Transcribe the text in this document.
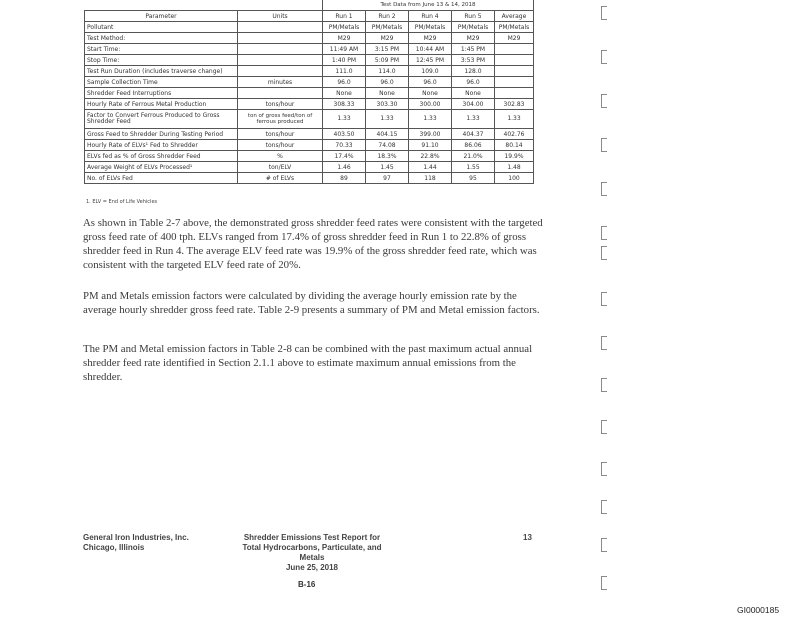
		Test Data from June 13 & 14, 2018				
Parameter	Units	Run 1	Run 2	Run 4	Run 5	Average
Pollutant		PM/Metals	PM/Metals	PM/Metals	PM/Metals	PM/Metals
Test Method:		M29	M29	M29	M29	M29
Start Time:		11:49 AM	3:15 PM	10:44 AM	1:45 PM	
Stop Time:		1:40 PM	5:09 PM	12:45 PM	3:53 PM	
Test Run Duration (includes traverse change)		111.0	114.0	109.0	128.0	
Sample Collection Time	minutes	96.0	96.0	96.0	96.0	
Shredder Feed Interruptions		None	None	None	None	
Hourly Rate of Ferrous Metal Production	tons/hour	308.33	303.30	300.00	304.00	302.83
Factor to Convert Ferrous Produced to Gross Shredder Feed	ton of gross feed/ton of ferrous produced	1.33	1.33	1.33	1.33	1.33
Gross Feed to Shredder During Testing Period	tons/hour	403.50	404.15	399.00	404.37	402.76
Hourly Rate of ELVs¹ Fed to Shredder	tons/hour	70.33	74.08	91.10	86.06	80.14
ELVs fed as % of Gross Shredder Feed	%	17.4%	18.3%	22.8%	21.0%	19.9%
Average Weight of ELVs Processed¹	ton/ELV	1.46	1.45	1.44	1.55	1.48
No. of ELVs Fed	# of ELVs	89	97	118	95	100
1. ELV = End of Life Vehicles

As shown in Table 2-7 above, the demonstrated gross shredder feed rates were consistent with the targeted gross feed rate of 400 tph. ELVs ranged from 17.4% of gross shredder feed in Run 1 to 22.8% of gross shredder feed in Run 4. The average ELV feed rate was 19.9% of the gross shredder feed rate, which was consistent with the targeted ELV feed rate of 20%.

PM and Metals emission factors were calculated by dividing the average hourly emission rate by the average hourly shredder gross feed rate. Table 2-9 presents a summary of PM and Metal emission factors.

The PM and Metal emission factors in Table 2-8 can be combined with the past maximum actual annual shredder feed rate identified in Section 2.1.1 above to estimate maximum annual emissions from the shredder.

General Iron Industries, Inc.
Chicago, Illinois
Shredder Emissions Test Report for
Total Hydrocarbons, Particulate, and Metals
June 25, 2018
13
B-16
GI0000185
